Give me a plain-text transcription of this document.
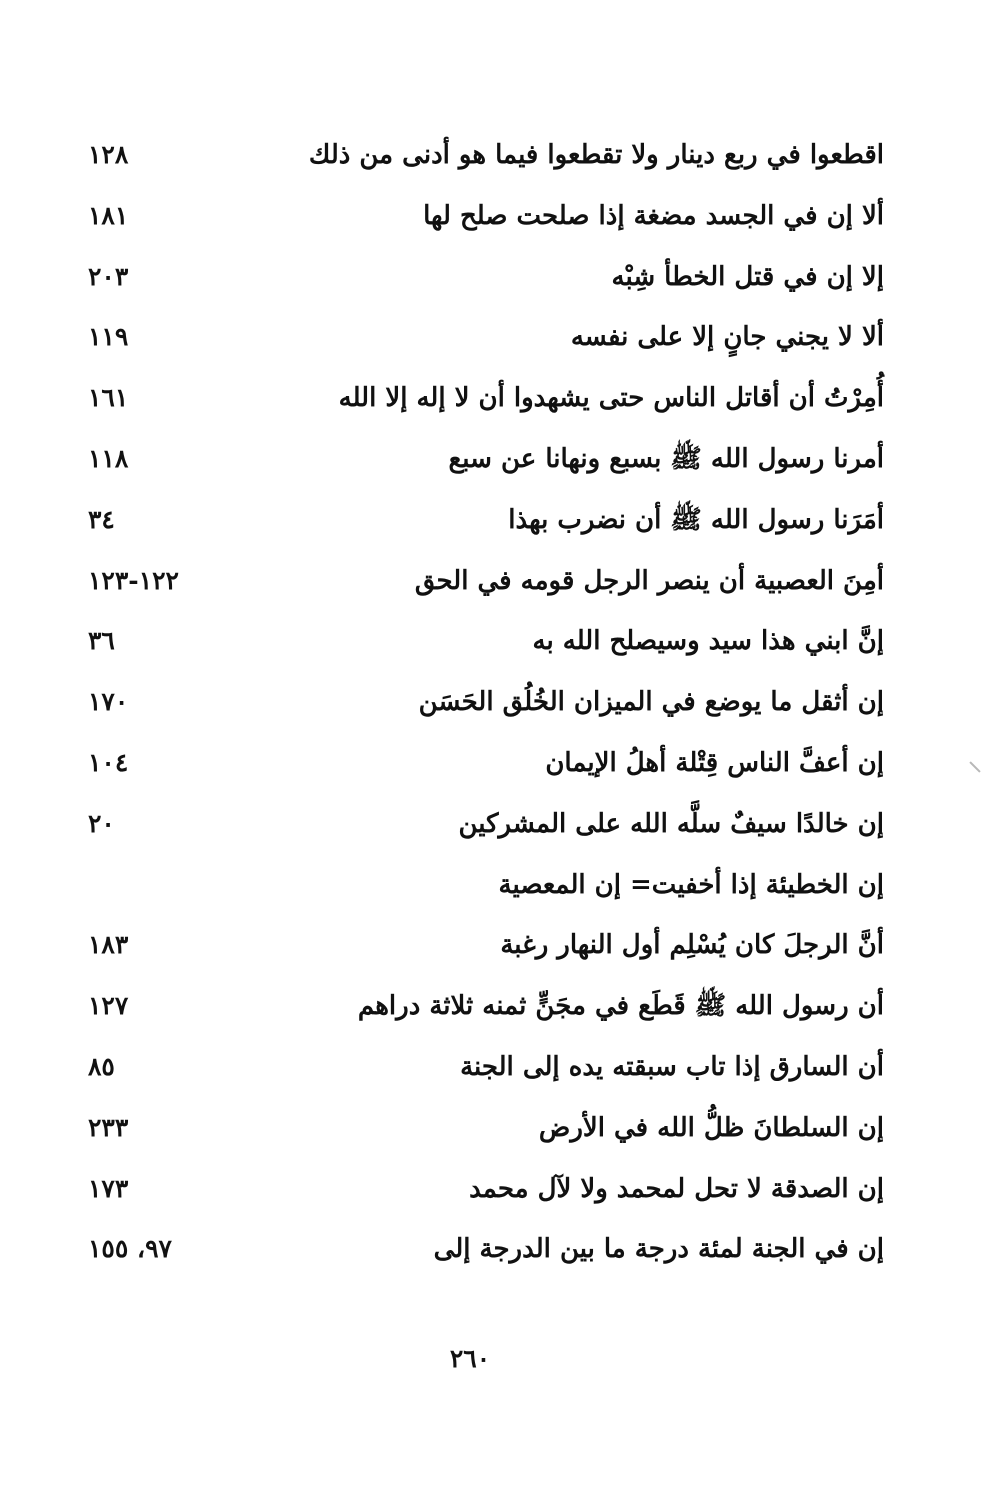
اقطعوا في ربع دينار ولا تقطعوا فيما هو أدنى من ذلك
١٢٨
ألا إن في الجسد مضغة إذا صلحت صلح لها
١٨١
إلا إن في قتل الخطأ شِبْه
٢٠٣
ألا لا يجني جانٍ إلا على نفسه
١١٩
أُمِرْتُ أن أقاتل الناس حتى يشهدوا أن لا إله إلا الله
١٦١
أمرنا رسول الله ﷺ بسبع ونهانا عن سبع
١١٨
أمَرَنا رسول الله ﷺ أن نضرب بهذا
٣٤
أمِنَ العصبية أن ينصر الرجل قومه في الحق
١٢٢-١٢٣
إنَّ ابني هذا سيد وسيصلح الله به
٣٦
إن أثقل ما يوضع في الميزان الخُلُق الحَسَن
١٧٠
إن أعفَّ الناس قِتْلة أهلُ الإيمان
١٠٤
إن خالدًا سيفٌ سلَّه الله على المشركين
٢٠
إن الخطيئة إذا أخفيت= إن المعصية
أنَّ الرجلَ كان يُسْلِم أول النهار رغبة
١٨٣
أن رسول الله ﷺ قَطَع في مجَنٍّ ثمنه ثلاثة دراهم
١٢٧
أن السارق إذا تاب سبقته يده إلى الجنة
٨٥
إن السلطانَ ظلُّ الله في الأرض
٢٣٣
إن الصدقة لا تحل لمحمد ولا لآل محمد
١٧٣
إن في الجنة لمئة درجة ما بين الدرجة إلى
٩٧، ١٥٥
٢٦٠
